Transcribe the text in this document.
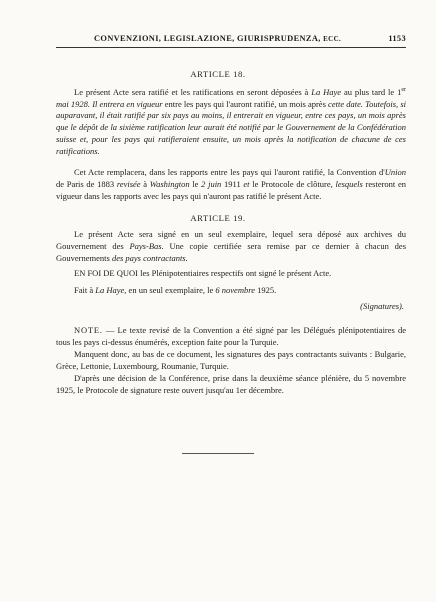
CONVENZIONI, LEGISLAZIONE, GIURISPRUDENZA, ECC.	1153
ARTICLE 18.

Le présent Acte sera ratifié et les ratifications en seront déposées à La Haye au plus tard le 1er mai 1928. Il entrera en vigueur entre les pays qui l'auront ratifié, un mois après cette date. Toutefois, si auparavant, il était ratifié par six pays au moins, il entrerait en vigueur, entre ces pays, un mois après que le dépôt de la sixième ratification leur aurait été notifié par le Gouvernement de la Confédération suisse et, pour les pays qui ratifieraient ensuite, un mois après la notification de chacune de ces ratifications.

Cet Acte remplacera, dans les rapports entre les pays qui l'auront ratifié, la Convention d'Union de Paris de 1883 revisée à Washington le 2 juin 1911 et le Protocole de clôture, lesquels resteront en vigueur dans les rapports avec les pays qui n'auront pas ratifié le présent Acte.

ARTICLE 19.

Le présent Acte sera signé en un seul exemplaire, lequel sera déposé aux archives du Gouvernement des Pays-Bas. Une copie certifiée sera remise par ce dernier à chacun des Gouvernements des pays contractants.

EN FOI DE QUOI les Plénipotentiaires respectifs ont signé le présent Acte.

Fait à La Haye, en un seul exemplaire, le 6 novembre 1925.

(Signatures).

NOTE. — Le texte revisé de la Convention a été signé par les Délégués plénipotentiaires de tous les pays ci-dessus énumérés, exception faite pour la Turquie.

Manquent donc, au bas de ce document, les signatures des pays contractants suivants : Bulgarie, Grèce, Lettonie, Luxembourg, Roumanie, Turquie.

D'après une décision de la Conférence, prise dans la deuxième séance plénière, du 5 novembre 1925, le Protocole de signature reste ouvert jusqu'au 1er décembre.
